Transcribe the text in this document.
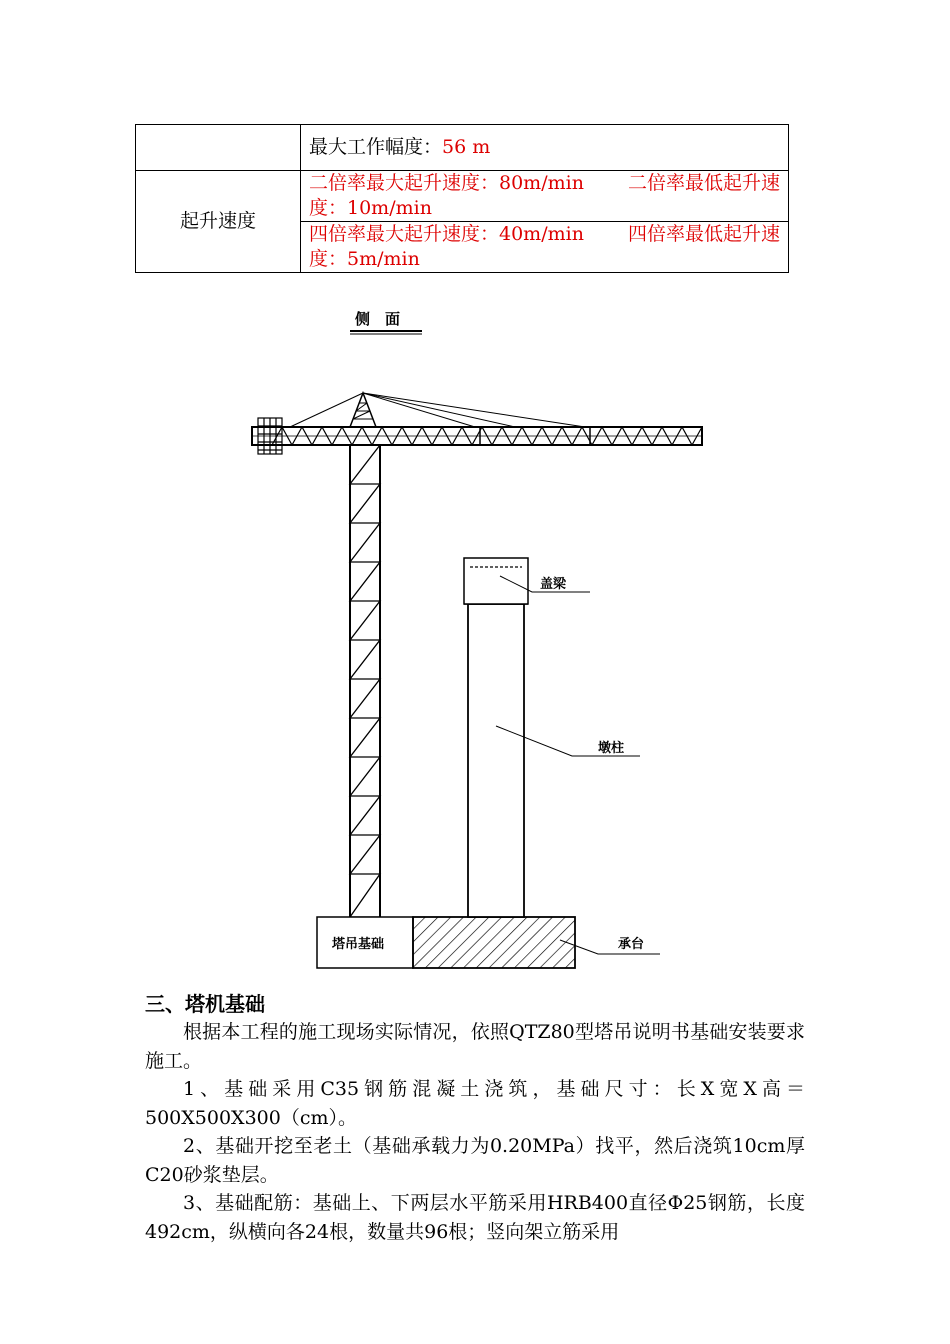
	最大工作幅度：56 m
起升速度	二倍率最大起升速度：80m/min　　 二倍率最低起升速度：10m/min
	四倍率最大起升速度：40m/min　　 四倍率最低起升速度：5m/min
侧　面
塔吊基础
盖梁
墩柱
承台
三、塔机基础

根据本工程的施工现场实际情况，依照QTZ80型塔吊说明书基础安装要求施工。

1、基础采用C35钢筋混凝土浇筑，基础尺寸：长X宽X高＝500X500X300（cm）。

2、基础开挖至老土（基础承载力为0.20MPa）找平，然后浇筑10cm厚C20砂浆垫层。

3、基础配筋：基础上、下两层水平筋采用HRB400直径Φ25钢筋，长度492cm，纵横向各24根，数量共96根；竖向架立筋采用
